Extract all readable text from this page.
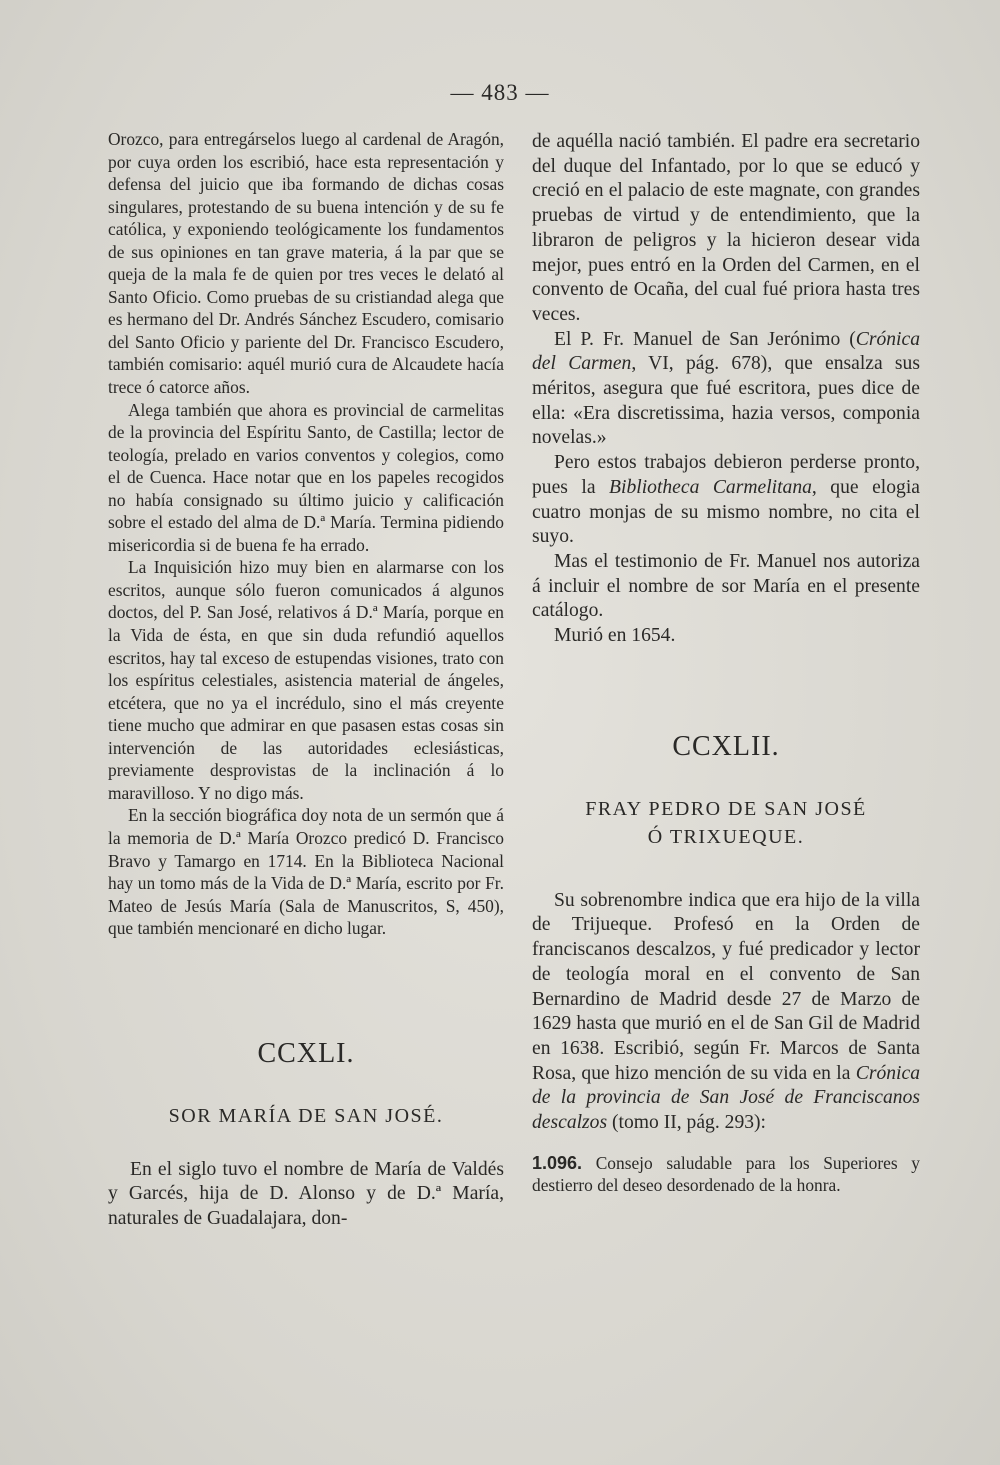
— 483 —

Orozco, para entregárselos luego al cardenal de Aragón, por cuya orden los escribió, hace esta representación y defensa del juicio que iba formando de dichas cosas singulares, protestando de su buena intención y de su fe católica, y exponiendo teológicamente los fundamentos de sus opiniones en tan grave materia, á la par que se queja de la mala fe de quien por tres veces le delató al Santo Oficio. Como pruebas de su cristiandad alega que es hermano del Dr. Andrés Sánchez Escudero, comisario del Santo Oficio y pariente del Dr. Francisco Escudero, también comisario: aquél murió cura de Alcaudete hacía trece ó catorce años.

Alega también que ahora es provincial de carmelitas de la provincia del Espíritu Santo, de Castilla; lector de teología, prelado en varios conventos y colegios, como el de Cuenca. Hace notar que en los papeles recogidos no había consignado su último juicio y calificación sobre el estado del alma de D.ª María. Termina pidiendo misericordia si de buena fe ha errado.

La Inquisición hizo muy bien en alarmarse con los escritos, aunque sólo fueron comunicados á algunos doctos, del P. San José, relativos á D.ª María, porque en la Vida de ésta, en que sin duda refundió aquellos escritos, hay tal exceso de estupendas visiones, trato con los espíritus celestiales, asistencia material de ángeles, etcétera, que no ya el incrédulo, sino el más creyente tiene mucho que admirar en que pasasen estas cosas sin intervención de las autoridades eclesiásticas, previamente desprovistas de la inclinación á lo maravilloso. Y no digo más.

En la sección biográfica doy nota de un sermón que á la memoria de D.ª María Orozco predicó D. Francisco Bravo y Tamargo en 1714. En la Biblioteca Nacional hay un tomo más de la Vida de D.ª María, escrito por Fr. Mateo de Jesús María (Sala de Manuscritos, S, 450), que también mencionaré en dicho lugar.

CCXLI.
SOR MARÍA DE SAN JOSÉ.

En el siglo tuvo el nombre de María de Valdés y Garcés, hija de D. Alonso y de D.ª María, naturales de Guadalajara, don-

de aquélla nació también. El padre era secretario del duque del Infantado, por lo que se educó y creció en el palacio de este magnate, con grandes pruebas de virtud y de entendimiento, que la libraron de peligros y la hicieron desear vida mejor, pues entró en la Orden del Carmen, en el convento de Ocaña, del cual fué priora hasta tres veces.

El P. Fr. Manuel de San Jerónimo (Crónica del Carmen, VI, pág. 678), que ensalza sus méritos, asegura que fué escritora, pues dice de ella: «Era discretissima, hazia versos, componia novelas.»

Pero estos trabajos debieron perderse pronto, pues la Bibliotheca Carmelitana, que elogia cuatro monjas de su mismo nombre, no cita el suyo.

Mas el testimonio de Fr. Manuel nos autoriza á incluir el nombre de sor María en el presente catálogo.

Murió en 1654.

CCXLII.
FRAY PEDRO DE SAN JOSÉ
Ó TRIXUEQUE.

Su sobrenombre indica que era hijo de la villa de Trijueque. Profesó en la Orden de franciscanos descalzos, y fué predicador y lector de teología moral en el convento de San Bernardino de Madrid desde 27 de Marzo de 1629 hasta que murió en el de San Gil de Madrid en 1638. Escribió, según Fr. Marcos de Santa Rosa, que hizo mención de su vida en la Crónica de la provincia de San José de Franciscanos descalzos (tomo II, pág. 293):

1.096. Consejo saludable para los Superiores y destierro del deseo desordenado de la honra.
